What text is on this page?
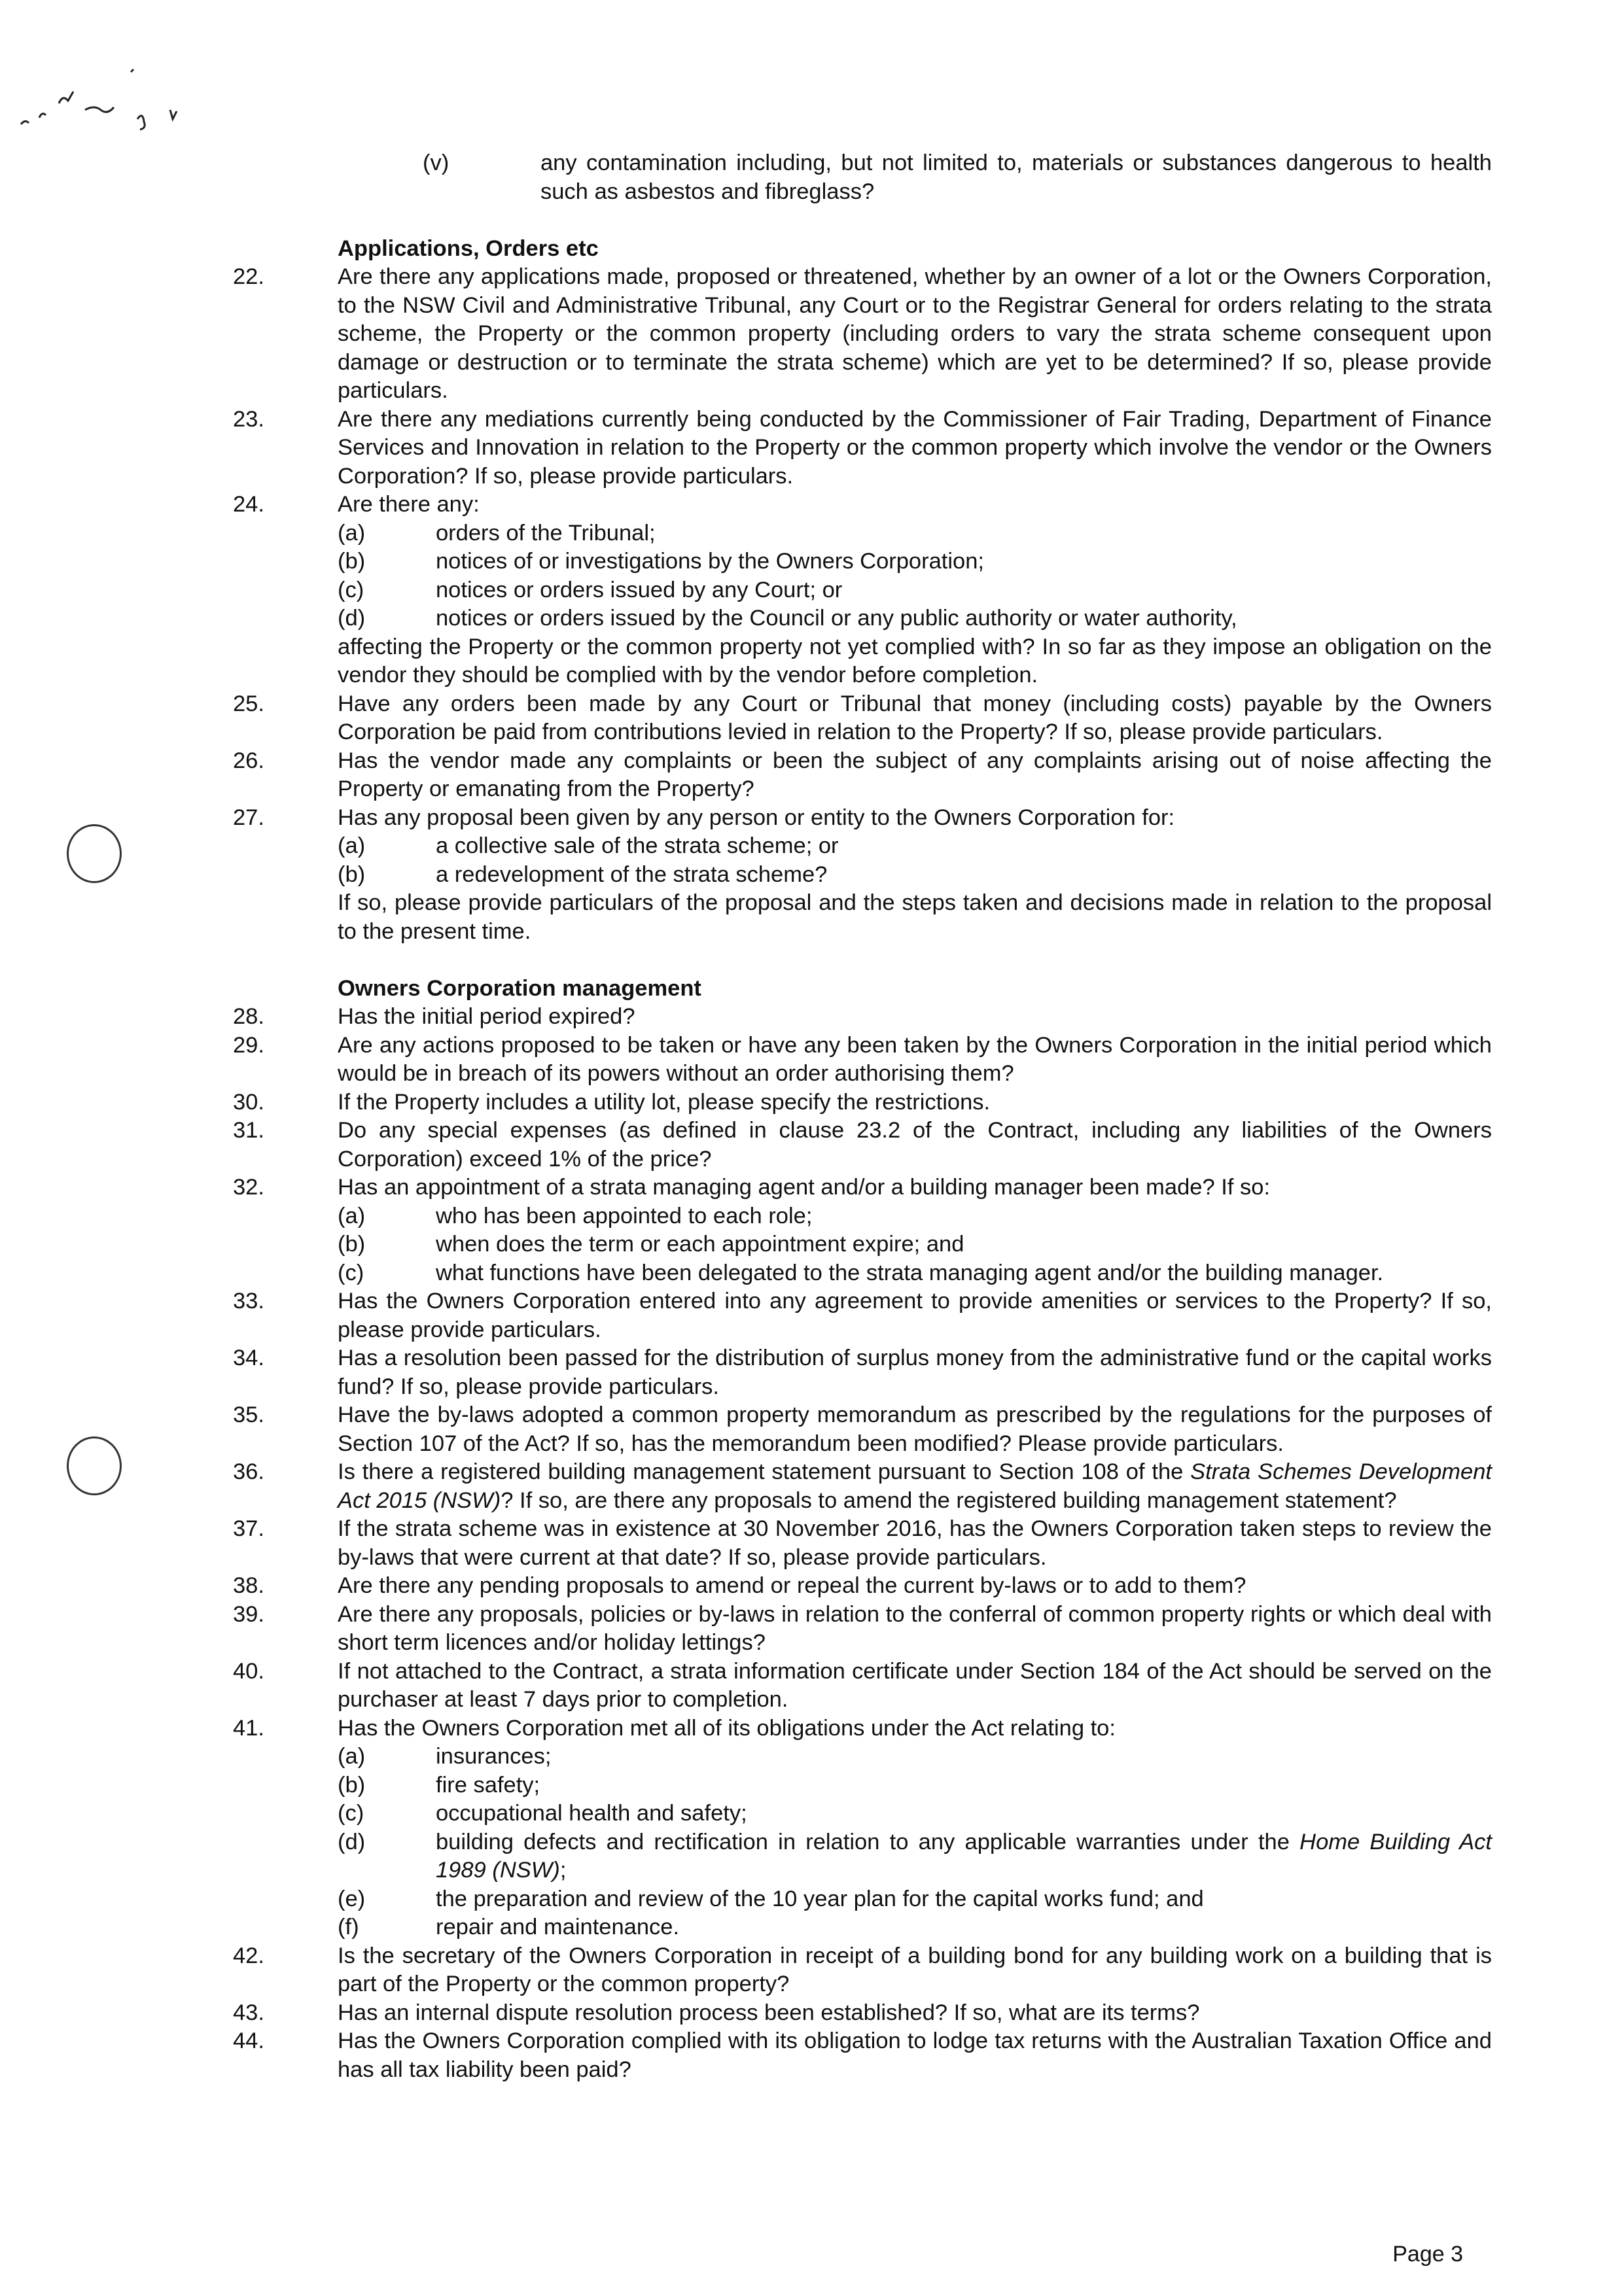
(v)	any contamination including, but not limited to, materials or substances dangerous to health such as asbestos and fibreglass?
Applications, Orders etc
22.	Are there any applications made, proposed or threatened, whether by an owner of a lot or the Owners Corporation, to the NSW Civil and Administrative Tribunal, any Court or to the Registrar General for orders relating to the strata scheme, the Property or the common property (including orders to vary the strata scheme consequent upon damage or destruction or to terminate the strata scheme) which are yet to be determined? If so, please provide particulars.
23.	Are there any mediations currently being conducted by the Commissioner of Fair Trading, Department of Finance Services and Innovation in relation to the Property or the common property which involve the vendor or the Owners Corporation? If so, please provide particulars.
24.	Are there any:
(a)	orders of the Tribunal;
(b)	notices of or investigations by the Owners Corporation;
(c)	notices or orders issued by any Court; or
(d)	notices or orders issued by the Council or any public authority or water authority,
affecting the Property or the common property not yet complied with? In so far as they impose an obligation on the vendor they should be complied with by the vendor before completion.
25.	Have any orders been made by any Court or Tribunal that money (including costs) payable by the Owners Corporation be paid from contributions levied in relation to the Property? If so, please provide particulars.
26.	Has the vendor made any complaints or been the subject of any complaints arising out of noise affecting the Property or emanating from the Property?
27.	Has any proposal been given by any person or entity to the Owners Corporation for:
(a)	a collective sale of the strata scheme; or
(b)	a redevelopment of the strata scheme?
If so, please provide particulars of the proposal and the steps taken and decisions made in relation to the proposal to the present time.
Owners Corporation management
28.	Has the initial period expired?
29.	Are any actions proposed to be taken or have any been taken by the Owners Corporation in the initial period which would be in breach of its powers without an order authorising them?
30.	If the Property includes a utility lot, please specify the restrictions.
31.	Do any special expenses (as defined in clause 23.2 of the Contract, including any liabilities of the Owners Corporation) exceed 1% of the price?
32.	Has an appointment of a strata managing agent and/or a building manager been made? If so:
(a)	who has been appointed to each role;
(b)	when does the term or each appointment expire; and
(c)	what functions have been delegated to the strata managing agent and/or the building manager.
33.	Has the Owners Corporation entered into any agreement to provide amenities or services to the Property? If so, please provide particulars.
34.	Has a resolution been passed for the distribution of surplus money from the administrative fund or the capital works fund? If so, please provide particulars.
35.	Have the by-laws adopted a common property memorandum as prescribed by the regulations for the purposes of Section 107 of the Act? If so, has the memorandum been modified? Please provide particulars.
36.	Is there a registered building management statement pursuant to Section 108 of the Strata Schemes Development Act 2015 (NSW)? If so, are there any proposals to amend the registered building management statement?
37.	If the strata scheme was in existence at 30 November 2016, has the Owners Corporation taken steps to review the by-laws that were current at that date? If so, please provide particulars.
38.	Are there any pending proposals to amend or repeal the current by-laws or to add to them?
39.	Are there any proposals, policies or by-laws in relation to the conferral of common property rights or which deal with short term licences and/or holiday lettings?
40.	If not attached to the Contract, a strata information certificate under Section 184 of the Act should be served on the purchaser at least 7 days prior to completion.
41.	Has the Owners Corporation met all of its obligations under the Act relating to:
(a)	insurances;
(b)	fire safety;
(c)	occupational health and safety;
(d)	building defects and rectification in relation to any applicable warranties under the Home Building Act 1989 (NSW);
(e)	the preparation and review of the 10 year plan for the capital works fund; and
(f)	repair and maintenance.
42.	Is the secretary of the Owners Corporation in receipt of a building bond for any building work on a building that is part of the Property or the common property?
43.	Has an internal dispute resolution process been established? If so, what are its terms?
44.	Has the Owners Corporation complied with its obligation to lodge tax returns with the Australian Taxation Office and has all tax liability been paid?
Page 3
